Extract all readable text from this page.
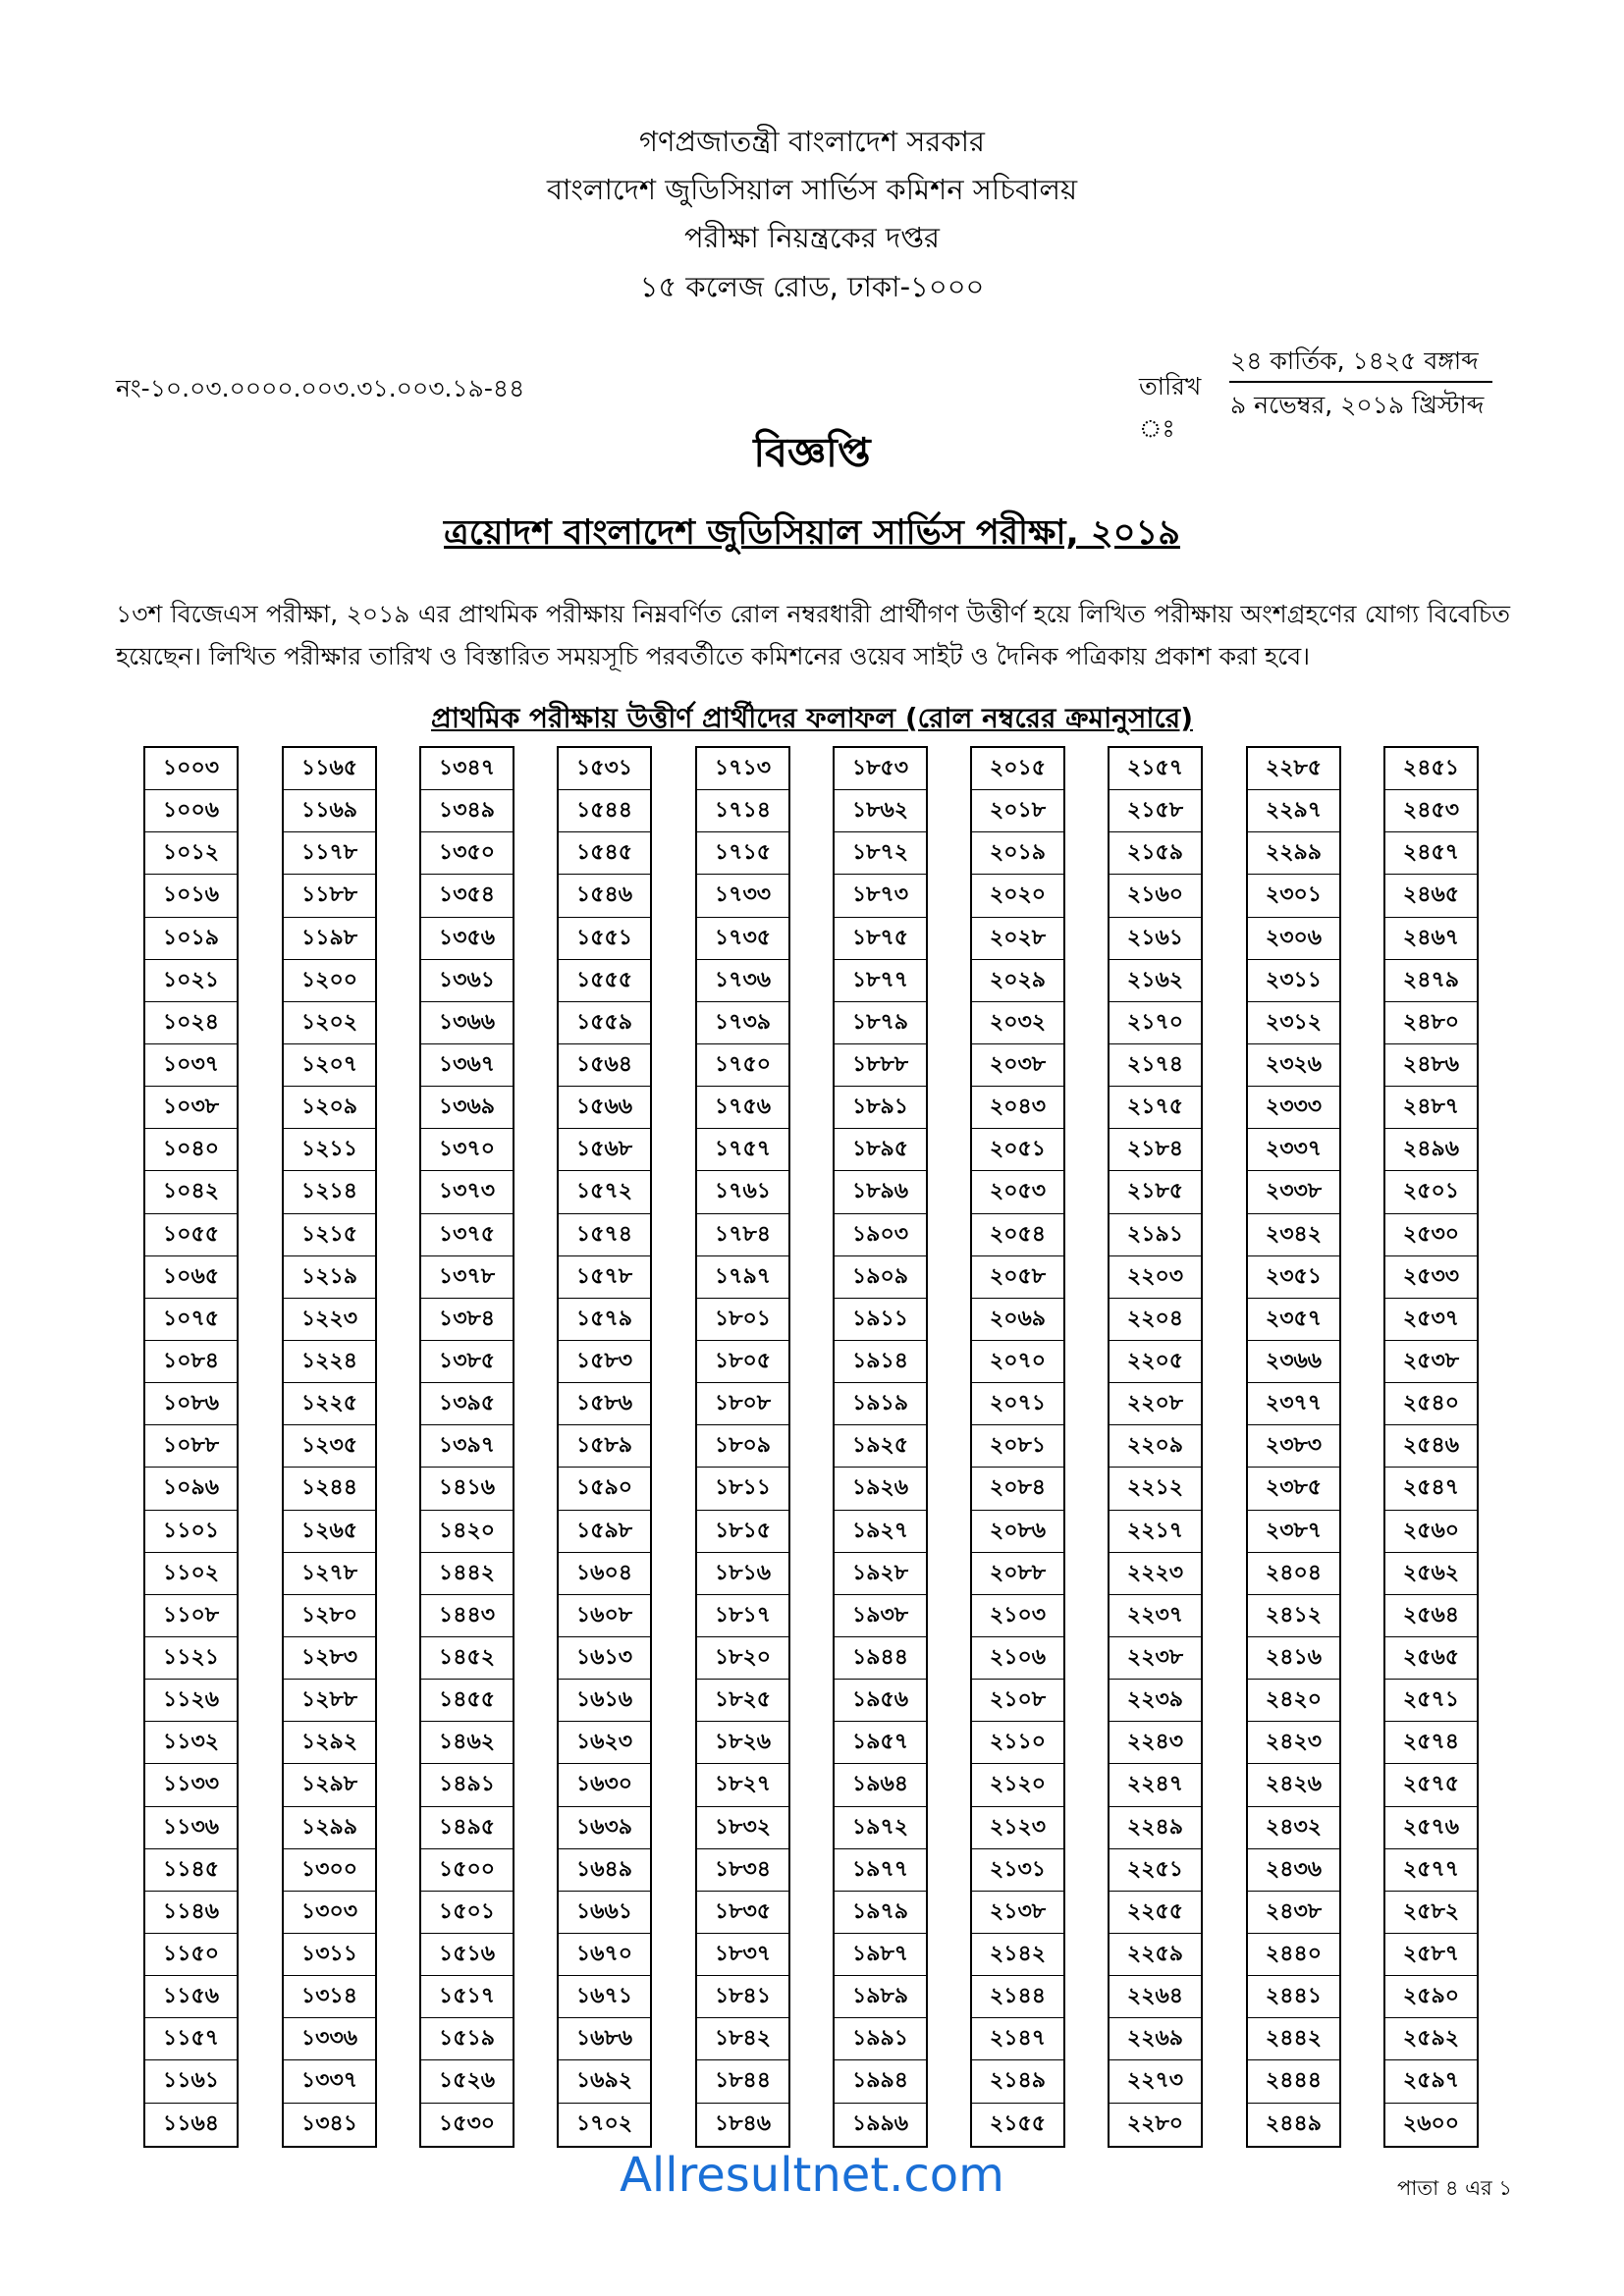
গণপ্রজাতন্ত্রী বাংলাদেশ সরকার
বাংলাদেশ জুডিসিয়াল সার্ভিস কমিশন সচিবালয়
পরীক্ষা নিয়ন্ত্রকের দপ্তর
১৫ কলেজ রোড, ঢাকা-১০০০
নং-১০.০৩.০০০০.০০৩.৩১.০০৩.১৯-৪৪	তারিখ ঃ
২৪ কার্তিক, ১৪২৫ বঙ্গাব্দ
৯ নভেম্বর, ২০১৯ খ্রিস্টাব্দ
বিজ্ঞপ্তি
ত্রয়োদশ বাংলাদেশ জুডিসিয়াল সার্ভিস পরীক্ষা, ২০১৯
১৩শ বিজেএস পরীক্ষা, ২০১৯ এর প্রাথমিক পরীক্ষায় নিম্নবর্ণিত রোল নম্বরধারী প্রার্থীগণ উত্তীর্ণ হয়ে লিখিত পরীক্ষায় অংশগ্রহণের যোগ্য বিবেচিত হয়েছেন। লিখিত পরীক্ষার তারিখ ও বিস্তারিত সময়সূচি পরবর্তীতে কমিশনের ওয়েব সাইট ও দৈনিক পত্রিকায় প্রকাশ করা হবে।
প্রাথমিক পরীক্ষায় উত্তীর্ণ প্রার্থীদের ফলাফল (রোল নম্বরের ক্রমানুসারে)
১০০৩
১০০৬
১০১২
১০১৬
১০১৯
১০২১
১০২৪
১০৩৭
১০৩৮
১০৪০
১০৪২
১০৫৫
১০৬৫
১০৭৫
১০৮৪
১০৮৬
১০৮৮
১০৯৬
১১০১
১১০২
১১০৮
১১২১
১১২৬
১১৩২
১১৩৩
১১৩৬
১১৪৫
১১৪৬
১১৫০
১১৫৬
১১৫৭
১১৬১
১১৬৪
১১৬৫
১১৬৯
১১৭৮
১১৮৮
১১৯৮
১২০০
১২০২
১২০৭
১২০৯
১২১১
১২১৪
১২১৫
১২১৯
১২২৩
১২২৪
১২২৫
১২৩৫
১২৪৪
১২৬৫
১২৭৮
১২৮০
১২৮৩
১২৮৮
১২৯২
১২৯৮
১২৯৯
১৩০০
১৩০৩
১৩১১
১৩১৪
১৩৩৬
১৩৩৭
১৩৪১
১৩৪৭
১৩৪৯
১৩৫০
১৩৫৪
১৩৫৬
১৩৬১
১৩৬৬
১৩৬৭
১৩৬৯
১৩৭০
১৩৭৩
১৩৭৫
১৩৭৮
১৩৮৪
১৩৮৫
১৩৯৫
১৩৯৭
১৪১৬
১৪২০
১৪৪২
১৪৪৩
১৪৫২
১৪৫৫
১৪৬২
১৪৯১
১৪৯৫
১৫০০
১৫০১
১৫১৬
১৫১৭
১৫১৯
১৫২৬
১৫৩০
১৫৩১
১৫৪৪
১৫৪৫
১৫৪৬
১৫৫১
১৫৫৫
১৫৫৯
১৫৬৪
১৫৬৬
১৫৬৮
১৫৭২
১৫৭৪
১৫৭৮
১৫৭৯
১৫৮৩
১৫৮৬
১৫৮৯
১৫৯০
১৫৯৮
১৬০৪
১৬০৮
১৬১৩
১৬১৬
১৬২৩
১৬৩০
১৬৩৯
১৬৪৯
১৬৬১
১৬৭০
১৬৭১
১৬৮৬
১৬৯২
১৭০২
১৭১৩
১৭১৪
১৭১৫
১৭৩৩
১৭৩৫
১৭৩৬
১৭৩৯
১৭৫০
১৭৫৬
১৭৫৭
১৭৬১
১৭৮৪
১৭৯৭
১৮০১
১৮০৫
১৮০৮
১৮০৯
১৮১১
১৮১৫
১৮১৬
১৮১৭
১৮২০
১৮২৫
১৮২৬
১৮২৭
১৮৩২
১৮৩৪
১৮৩৫
১৮৩৭
১৮৪১
১৮৪২
১৮৪৪
১৮৪৬
১৮৫৩
১৮৬২
১৮৭২
১৮৭৩
১৮৭৫
১৮৭৭
১৮৭৯
১৮৮৮
১৮৯১
১৮৯৫
১৮৯৬
১৯০৩
১৯০৯
১৯১১
১৯১৪
১৯১৯
১৯২৫
১৯২৬
১৯২৭
১৯২৮
১৯৩৮
১৯৪৪
১৯৫৬
১৯৫৭
১৯৬৪
১৯৭২
১৯৭৭
১৯৭৯
১৯৮৭
১৯৮৯
১৯৯১
১৯৯৪
১৯৯৬
২০১৫
২০১৮
২০১৯
২০২০
২০২৮
২০২৯
২০৩২
২০৩৮
২০৪৩
২০৫১
২০৫৩
২০৫৪
২০৫৮
২০৬৯
২০৭০
২০৭১
২০৮১
২০৮৪
২০৮৬
২০৮৮
২১০৩
২১০৬
২১০৮
২১১০
২১২০
২১২৩
২১৩১
২১৩৮
২১৪২
২১৪৪
২১৪৭
২১৪৯
২১৫৫
২১৫৭
২১৫৮
২১৫৯
২১৬০
২১৬১
২১৬২
২১৭০
২১৭৪
২১৭৫
২১৮৪
২১৮৫
২১৯১
২২০৩
২২০৪
২২০৫
২২০৮
২২০৯
২২১২
২২১৭
২২২৩
২২৩৭
২২৩৮
২২৩৯
২২৪৩
২২৪৭
২২৪৯
২২৫১
২২৫৫
২২৫৯
২২৬৪
২২৬৯
২২৭৩
২২৮০
২২৮৫
২২৯৭
২২৯৯
২৩০১
২৩০৬
২৩১১
২৩১২
২৩২৬
২৩৩৩
২৩৩৭
২৩৩৮
২৩৪২
২৩৫১
২৩৫৭
২৩৬৬
২৩৭৭
২৩৮৩
২৩৮৫
২৩৮৭
২৪০৪
২৪১২
২৪১৬
২৪২০
২৪২৩
২৪২৬
২৪৩২
২৪৩৬
২৪৩৮
২৪৪০
২৪৪১
২৪৪২
২৪৪৪
২৪৪৯
২৪৫১
২৪৫৩
২৪৫৭
২৪৬৫
২৪৬৭
২৪৭৯
২৪৮০
২৪৮৬
২৪৮৭
২৪৯৬
২৫০১
২৫৩০
২৫৩৩
২৫৩৭
২৫৩৮
২৫৪০
২৫৪৬
২৫৪৭
২৫৬০
২৫৬২
২৫৬৪
২৫৬৫
২৫৭১
২৫৭৪
২৫৭৫
২৫৭৬
২৫৭৭
২৫৮২
২৫৮৭
২৫৯০
২৫৯২
২৫৯৭
২৬০০
Allresultnet.com	পাতা ৪ এর ১
